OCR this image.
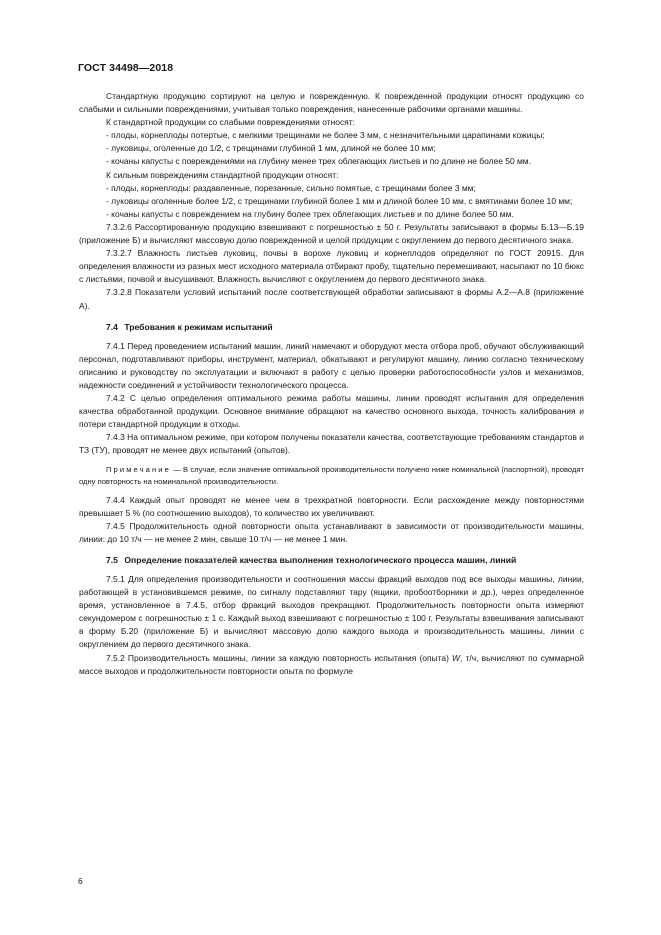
ГОСТ 34498—2018

Стандартную продукцию сортируют на целую и поврежденную. К поврежденной продукции относят продукцию со слабыми и сильными повреждениями, учитывая только повреждения, нанесенные рабочими органами машины.

К стандартной продукции со слабыми повреждениями относят:

- плоды, корнеплоды потертые, с мелкими трещинами не более 3 мм, с незначительными царапинами кожицы;

- луковицы, оголенные до 1/2, с трещинами глубиной 1 мм, длиной не более 10 мм;

- кочаны капусты с повреждениями на глубину менее трех облегающих листьев и по длине не более 50 мм.

К сильным повреждениям стандартной продукции относят:

- плоды, корнеплоды: раздавленные, порезанные, сильно помятые, с трещинами более 3 мм;

- луковицы оголенные более 1/2, с трещинами глубиной более 1 мм и длиной более 10 мм, с вмятинами более 10 мм;

- кочаны капусты с повреждением на глубину более трех облегающих листьев и по длине более 50 мм.

7.3.2.6 Рассортированную продукцию взвешивают с погрешностью ± 50 г. Результаты записывают в формы Б.13—Б.19 (приложение Б) и вычисляют массовую долю поврежденной и целой продукции с округлением до первого десятичного знака.

7.3.2.7 Влажность листьев луковиц, почвы в ворохе луковиц и корнеплодов определяют по ГОСТ 20915. Для определения влажности из разных мест исходного материала отбирают пробу, тщательно перемешивают, насыпают по 10 бюкс с листьями, почвой и высушивают. Влажность вычисляют с округлением до первого десятичного знака.

7.3.2.8 Показатели условий испытаний после соответствующей обработки записывают в формы А.2—А.8 (приложение А).

7.4 Требования к режимам испытаний

7.4.1 Перед проведением испытаний машин, линий намечают и оборудуют места отбора проб, обучают обслуживающий персонал, подготавливают приборы, инструмент, материал, обкатывают и регулируют машину, линию согласно техническому описанию и руководству по эксплуатации и включают в работу с целью проверки работоспособности узлов и механизмов, надежности соединений и устойчивости технологического процесса.

7.4.2 С целью определения оптимального режима работы машины, линии проводят испытания для определения качества обработанной продукции. Основное внимание обращают на качество основного выхода, точность калибрования и потери стандартной продукции в отходы.

7.4.3 На оптимальном режиме, при котором получены показатели качества, соответствующие требованиям стандартов и ТЗ (ТУ), проводят не менее двух испытаний (опытов).

Примечание — В случае, если значение оптимальной производительности получено ниже номинальной (паспортной), проводят одну повторность на номинальной производительности.

7.4.4 Каждый опыт проводят не менее чем в трехкратной повторности. Если расхождение между повторностями превышает 5 % (по соотношению выходов), то количество их увеличивают.

7.4.5 Продолжительность одной повторности опыта устанавливают в зависимости от производительности машины, линии: до 10 т/ч — не менее 2 мин, свыше 10 т/ч — не менее 1 мин.

7.5 Определение показателей качества выполнения технологического процесса машин, линий

7.5.1 Для определения производительности и соотношения массы фракций выходов под все выходы машины, линии, работающей в установившемся режиме, по сигналу подставляют тару (ящики, пробоотборники и др.), через определенное время, установленное в 7.4.5, отбор фракций выходов прекращают. Продолжительность повторности опыта измеряют секундомером с погрешностью ± 1 с. Каждый выход взвешивают с погрешностью ± 100 г. Результаты взвешивания записывают в форму Б.20 (приложение Б) и вычисляют массовую долю каждого выхода и производительность машины, линии с округлением до первого десятичного знака.

7.5.2 Производительность машины, линии за каждую повторность испытания (опыта) W, т/ч, вычисляют по суммарной массе выходов и продолжительности повторности опыта по формуле

6
